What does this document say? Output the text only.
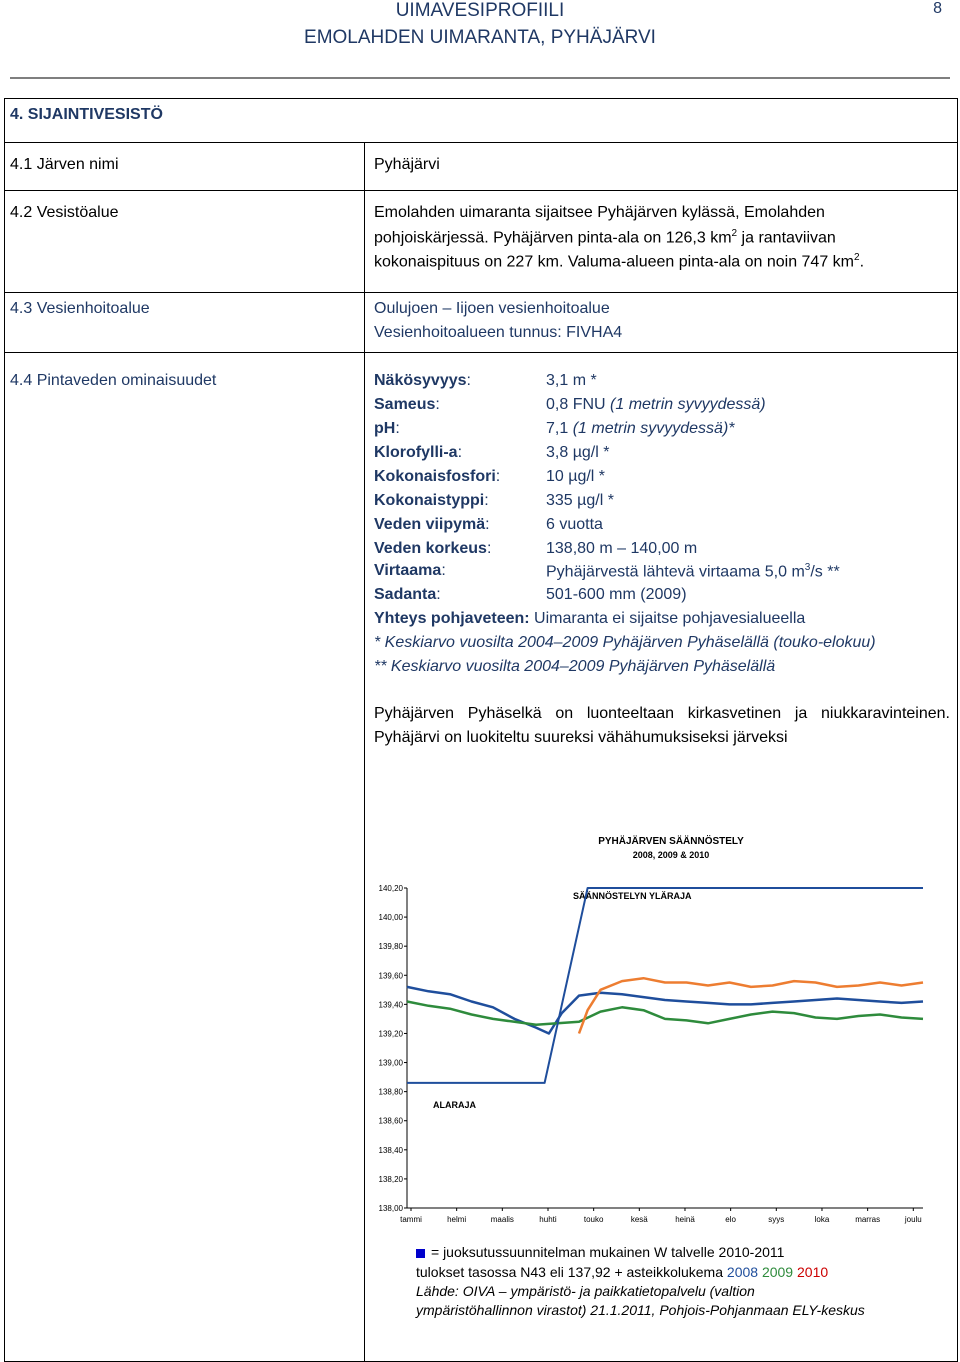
UIMAVESIPROFIILI
EMOLAHDEN UIMARANTA, PYHÄJÄRVI
8
4. SIJAINTIVESISTÖ
4.1 Järven nimi	Pyhäjärvi
4.2 Vesistöalue	Emolahden uimaranta sijaitsee Pyhäjärven kylässä, Emolahden
pohjoiskärjessä. Pyhäjärven pinta-ala on 126,3 $km^2$ ja rantaviivan
kokonaispituus on 227 km. Valuma-alueen pinta-ala on noin 747 $km^2$.
4.3 Vesienhoitoalue	Oulujoen – Iijoen vesienhoitoalue
Vesienhoitoalueen tunnus: FIVHA4
4.4 Pintaveden ominaisuudet	Näkösyvyys:	3,1 m *
Sameus:	0,8 FNU (1 metrin syvyydessä)
pH:	7,1 (1 metrin syvyydessä)*
Klorofylli-a:	3,8 µg/l *
Kokonaisfosfori:	10 µg/l *
Kokonaistyppi:	335 µg/l *
Veden viipymä:	6 vuotta
Veden korkeus:	138,80 m – 140,00 m
Virtaama:	Pyhäjärvestä lähtevä virtaama 5,0 $m^3/s$ **
Sadanta:	501-600 mm (2009)
Yhteys pohjaveteen: Uimaranta ei sijaitse pohjavesialueella
* Keskiarvo vuosilta 2004–2009 Pyhäjärven Pyhäselällä (touko-elokuu)
** Keskiarvo vuosilta 2004–2009 Pyhäjärven Pyhäselällä
Pyhäjärven Pyhäselkä on luonteeltaan kirkasvetinen ja niukkaravinteinen. Pyhäjärvi on luokiteltu suureksi vähähumuksiseksi järveksi
PYHÄJÄRVEN SÄÄNNÖSTELY
2008, 2009 & 2010
140,20
140,00
139,80
139,60
139,40
139,20
139,00
138,80
138,60
138,40
138,20
138,00
tammi	helmi	maalis	huhti	touko	kesä	heinä	elo	syys	loka	marras	joulu
SÄÄNNÖSTELYN YLÄRAJA
ALARAJA
= juoksutussuunnitelman mukainen W talvelle 2010-2011
tulokset tasossa N43 eli 137,92 + asteikkolukema 2008 2009 2010
Lähde: OIVA – ympäristö- ja paikkatietopalvelu (valtion
ympäristöhallinnon virastot) 21.1.2011, Pohjois-Pohjanmaan ELY-keskus
